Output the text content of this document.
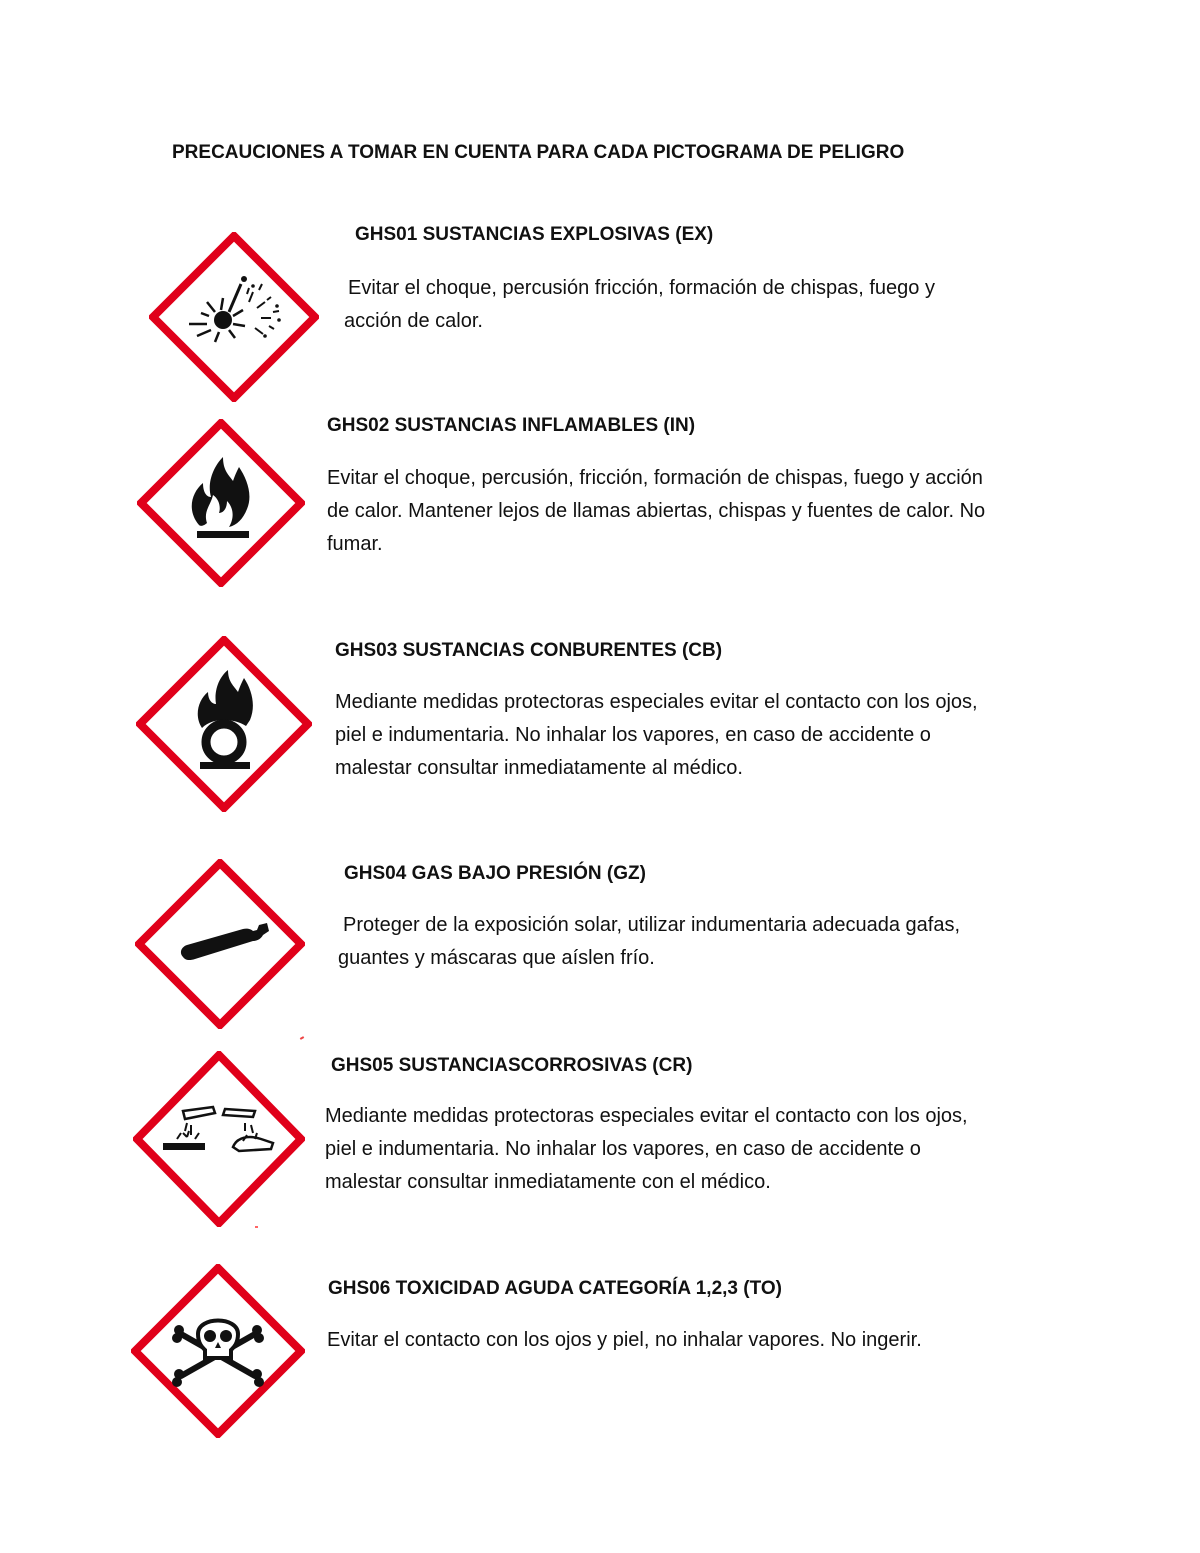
PRECAUCIONES A TOMAR EN CUENTA PARA CADA PICTOGRAMA DE PELIGRO
GHS01 SUSTANCIAS EXPLOSIVAS (EX)

Evitar el choque, percusión fricción, formación de chispas, fuego y

acción de calor.

GHS02 SUSTANCIAS INFLAMABLES (IN)

Evitar el choque, percusión, fricción, formación de chispas, fuego y acción

de calor. Mantener lejos de llamas abiertas, chispas y fuentes de calor. No

fumar.

GHS03 SUSTANCIAS CONBURENTES (CB)

Mediante medidas protectoras especiales evitar el contacto con los ojos,

piel e indumentaria. No inhalar los vapores, en caso de accidente o

malestar consultar inmediatamente al médico.

GHS04 GAS BAJO PRESIÓN (GZ)

Proteger de la exposición solar, utilizar indumentaria adecuada gafas,

guantes y máscaras que aíslen frío.

GHS05 SUSTANCIASCORROSIVAS (CR)

Mediante medidas protectoras especiales evitar el contacto con los ojos,

piel e indumentaria. No inhalar los vapores, en caso de accidente o

malestar consultar inmediatamente con el médico.

GHS06 TOXICIDAD AGUDA CATEGORÍA 1,2,3 (TO)

Evitar el contacto con los ojos y piel, no inhalar vapores. No ingerir.
